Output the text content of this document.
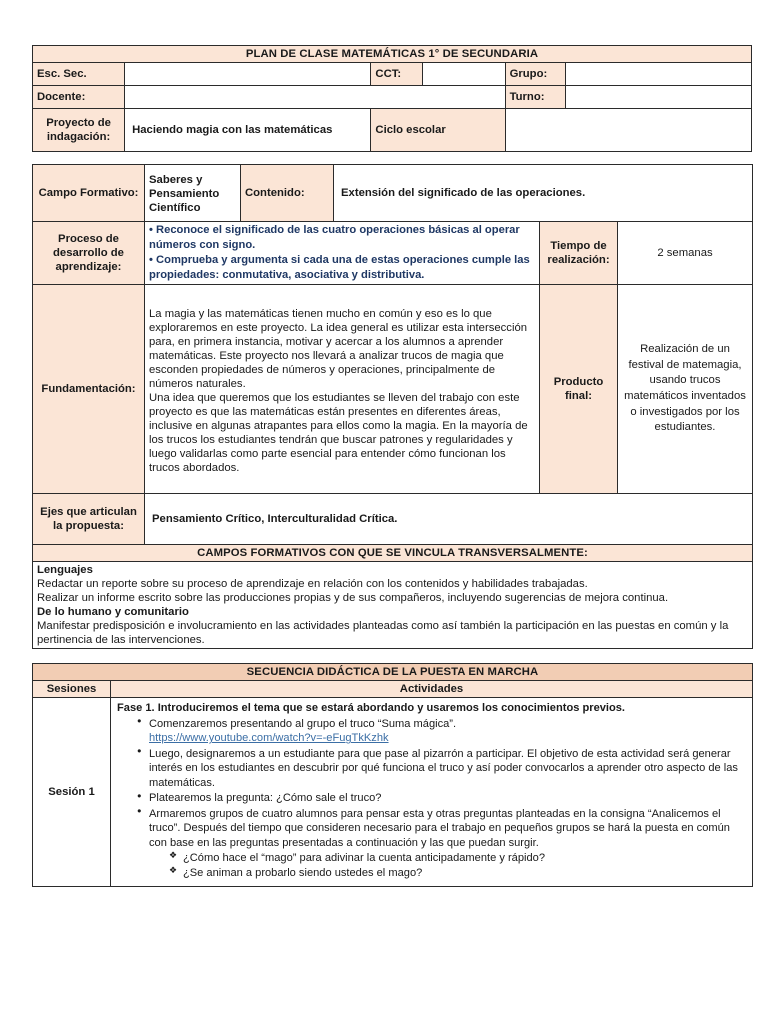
PLAN DE CLASE MATEMÁTICAS 1° DE SECUNDARIA					
Esc. Sec.		CCT:		Grupo:	
Docente:				Turno:	
Proyecto de indagación:	Haciendo magia con las matemáticas	Ciclo escolar			
Campo Formativo:	Saberes y Pensamiento Científico	Contenido:	Extensión del significado de las operaciones.		
Proceso de desarrollo de aprendizaje:	• Reconoce el significado de las cuatro operaciones básicas al operar números con signo.
• Comprueba y argumenta si cada una de estas operaciones cumple las propiedades: conmutativa, asociativa y distributiva.			Tiempo de realización:	2 semanas
Fundamentación:	La magia y las matemáticas tienen mucho en común y eso es lo que exploraremos en este proyecto. La idea general es utilizar esta intersección para, en primera instancia, motivar y acercar a los alumnos a aprender matemáticas. Este proyecto nos llevará a analizar trucos de magia que esconden propiedades de números y operaciones, principalmente de números naturales.
Una idea que queremos que los estudiantes se lleven del trabajo con este proyecto es que las matemáticas están presentes en diferentes áreas, inclusive en algunas atrapantes para ellos como la magia. En la mayoría de los trucos los estudiantes tendrán que buscar patrones y regularidades y luego validarlas como parte esencial para entender cómo funcionan los trucos abordados.			Producto final:	Realización de un festival de matemagia, usando trucos matemáticos inventados o investigados por los estudiantes.
Ejes que articulan la propuesta:	Pensamiento Crítico, Interculturalidad Crítica.				
CAMPOS FORMATIVOS CON QUE SE VINCULA TRANSVERSALMENTE:					

Lenguajes

Redactar un reporte sobre su proceso de aprendizaje en relación con los contenidos y habilidades trabajadas.

Realizar un informe escrito sobre las producciones propias y de sus compañeros, incluyendo sugerencias de mejora continua.

De lo humano y comunitario

Manifestar predisposición e involucramiento en las actividades planteadas como así también la participación en las puestas en común y la pertinencia de las intervenciones.					

SECUENCIA DIDÁCTICA DE LA PUESTA EN MARCHA	
Sesiones	Actividades
Sesión 1	

Fase 1. Introduciremos el tema que se estará abordando y usaremos los conocimientos previos.

● Comenzaremos presentando al grupo el truco “Suma mágica”.
https://www.youtube.com/watch?v=-eFugTkKzhk
● Luego, designaremos a un estudiante para que pase al pizarrón a participar. El objetivo de esta actividad será generar interés en los estudiantes en descubrir por qué funciona el truco y así poder convocarlos a aprender otro aspecto de las matemáticas.
● Platearemos la pregunta: ¿Cómo sale el truco?
● Armaremos grupos de cuatro alumnos para pensar esta y otras preguntas planteadas en la consigna “Analicemos el truco”. Después del tiempo que consideren necesario para el trabajo en pequeños grupos se hará la puesta en común con base en las preguntas presentadas a continuación y las que puedan surgir.
❖ ¿Cómo hace el “mago” para adivinar la cuenta anticipadamente y rápido?
❖ ¿Se animan a probarlo siendo ustedes el mago?
